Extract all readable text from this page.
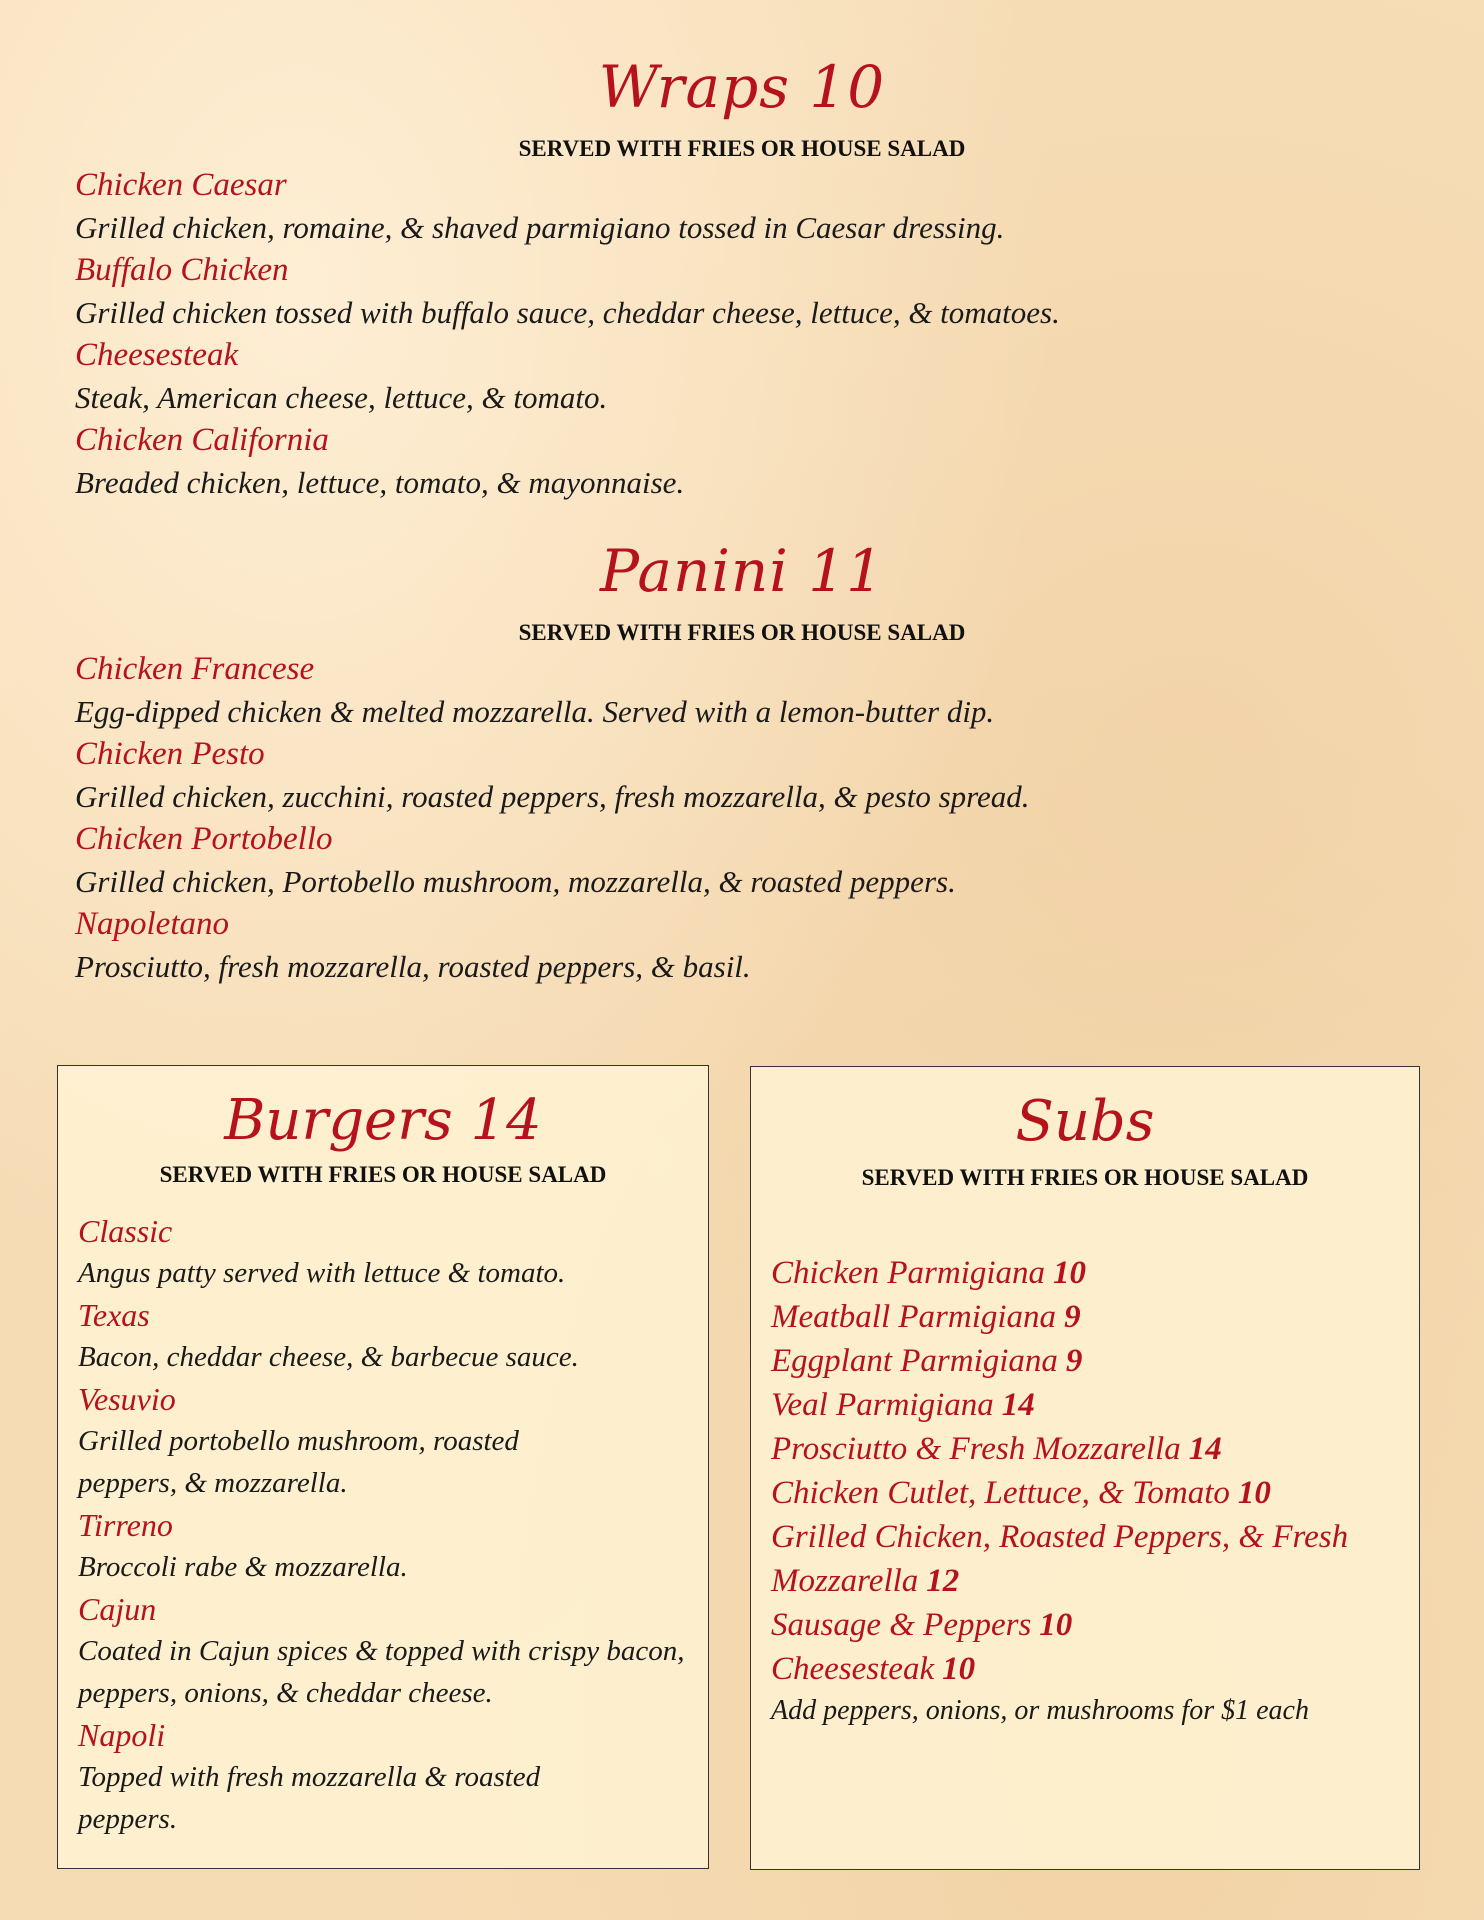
Wraps 10
SERVED WITH FRIES OR HOUSE SALAD
Chicken Caesar
Grilled chicken, romaine, & shaved parmigiano tossed in Caesar dressing.
Buffalo Chicken
Grilled chicken tossed with buffalo sauce, cheddar cheese, lettuce, & tomatoes.
Cheesesteak
Steak, American cheese, lettuce, & tomato.
Chicken California
Breaded chicken, lettuce, tomato, & mayonnaise.
Panini 11
SERVED WITH FRIES OR HOUSE SALAD
Chicken Francese
Egg-dipped chicken & melted mozzarella. Served with a lemon-butter dip.
Chicken Pesto
Grilled chicken, zucchini, roasted peppers, fresh mozzarella, & pesto spread.
Chicken Portobello
Grilled chicken, Portobello mushroom, mozzarella, & roasted peppers.
Napoletano
Prosciutto, fresh mozzarella, roasted peppers, & basil.
Burgers 14
SERVED WITH FRIES OR HOUSE SALAD
Classic
Angus patty served with lettuce & tomato.
Texas
Bacon, cheddar cheese, & barbecue sauce.
Vesuvio
Grilled portobello mushroom, roasted peppers, & mozzarella.
Tirreno
Broccoli rabe & mozzarella.
Cajun
Coated in Cajun spices & topped with crispy bacon, peppers, onions, & cheddar cheese.
Napoli
Topped with fresh mozzarella & roasted peppers.
Subs
SERVED WITH FRIES OR HOUSE SALAD
Chicken Parmigiana 10
Meatball Parmigiana 9
Eggplant Parmigiana 9
Veal Parmigiana 14
Prosciutto & Fresh Mozzarella 14
Chicken Cutlet, Lettuce, & Tomato 10
Grilled Chicken, Roasted Peppers, & Fresh
Mozzarella 12
Sausage & Peppers 10
Cheesesteak 10
Add peppers, onions, or mushrooms for $1 each
